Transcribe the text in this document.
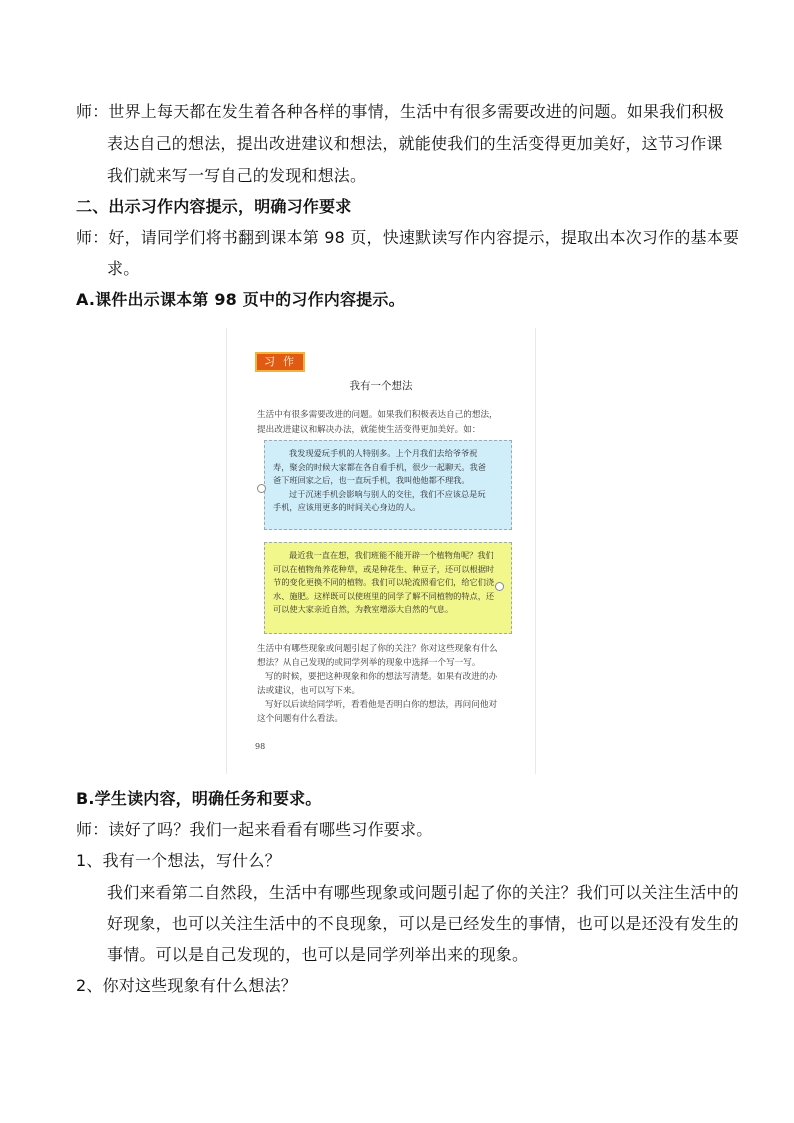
师：世界上每天都在发生着各种各样的事情，生活中有很多需要改进的问题。如果我们积极
表达自己的想法，提出改进建议和想法，就能使我们的生活变得更加美好，这节习作课
我们就来写一写自己的发现和想法。
二、出示习作内容提示，明确习作要求
师：好，请同学们将书翻到课本第 98 页，快速默读写作内容提示，提取出本次习作的基本要
求。
A.课件出示课本第 98 页中的习作内容提示。
习作
我有一个想法
生活中有很多需要改进的问题。如果我们积极表达自己的想法，
提出改进建议和解决办法，就能使生活变得更加美好。如：
我发现爱玩手机的人特别多。上个月我们去给爷爷祝
寿，聚会的时候大家都在各自看手机，很少一起聊天。我爸
爸下班回家之后，也一直玩手机，我叫他他都不理我。
过于沉迷手机会影响与别人的交往，我们不应该总是玩
手机，应该用更多的时间关心身边的人。
最近我一直在想，我们班能不能开辟一个植物角呢？我们
可以在植物角养花种草，或是种花生、种豆子，还可以根据时
节的变化更换不同的植物。我们可以轮流照看它们，给它们浇
水、施肥。这样既可以使班里的同学了解不同植物的特点，还
可以使大家亲近自然，为教室增添大自然的气息。
生活中有哪些现象或问题引起了你的关注？你对这些现象有什么
想法？从自己发现的或同学列举的现象中选择一个写一写。
写的时候，要把这种现象和你的想法写清楚。如果有改进的办
法或建议，也可以写下来。
写好以后读给同学听，看看他是否明白你的想法，再问问他对
这个问题有什么看法。
98
B.学生读内容，明确任务和要求。
师：读好了吗？我们一起来看看有哪些习作要求。
1、我有一个想法，写什么？
我们来看第二自然段，生活中有哪些现象或问题引起了你的关注？我们可以关注生活中的
好现象，也可以关注生活中的不良现象，可以是已经发生的事情，也可以是还没有发生的
事情。可以是自己发现的，也可以是同学列举出来的现象。
2、你对这些现象有什么想法？
